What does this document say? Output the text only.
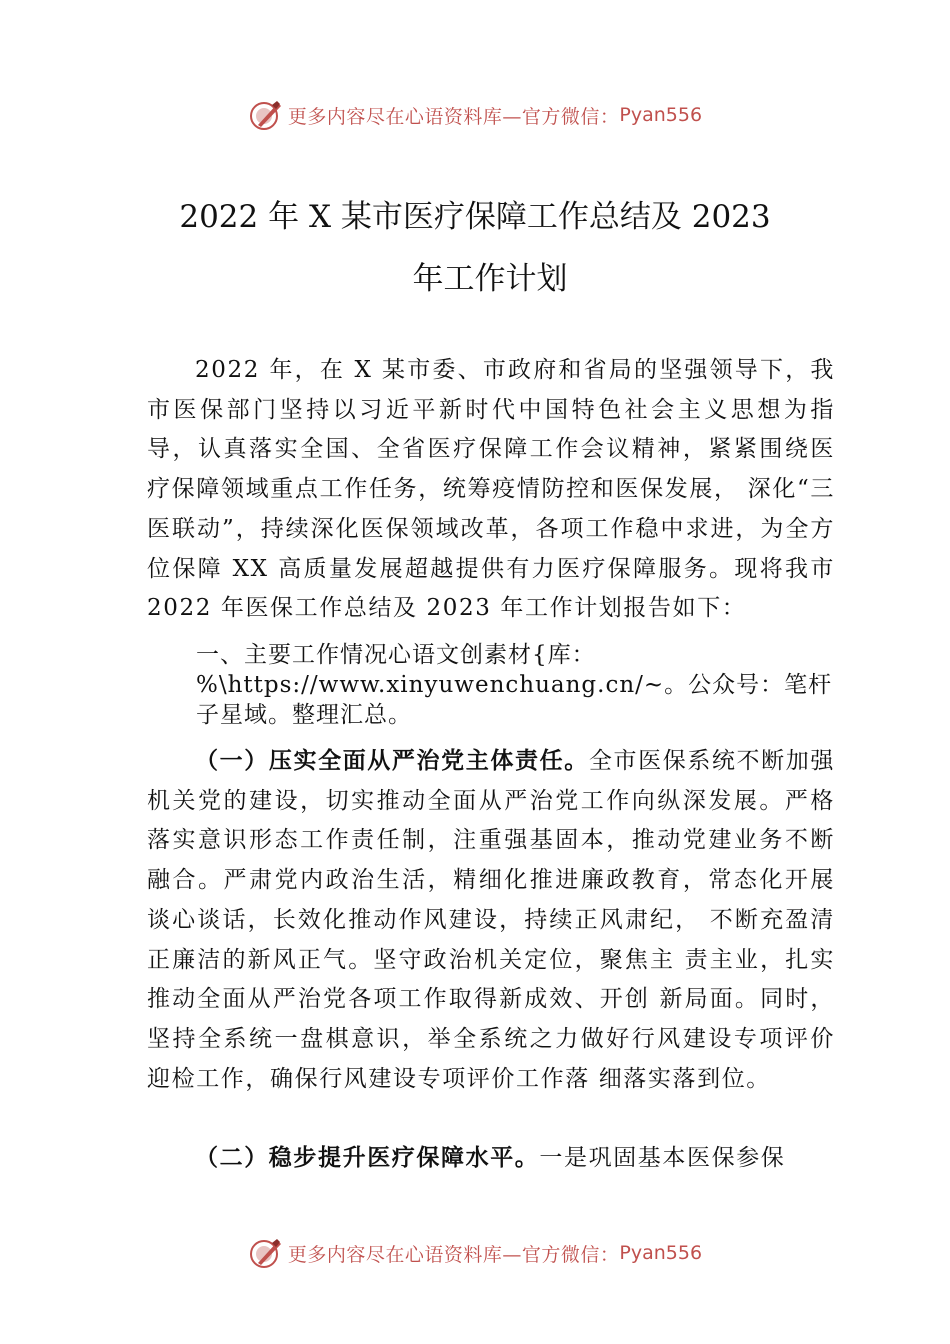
更多内容尽在心语资料库—官方微信： Pyan556
2022 年 X 某市医疗保障工作总结及 2023
年工作计划

2022 年，在 X 某市委、市政府和省局的坚强领导下，我市医保部门坚持以习近平新时代中国特色社会主义思想为指导，认真落实全国、全省医疗保障工作会议精神，紧紧围绕医疗保障领域重点工作任务，统筹疫情防控和医保发展， 深化“三医联动”，持续深化医保领域改革，各项工作稳中求进，为全方位保障 XX 高质量发展超越提供有力医疗保障服务。现将我市 2022 年医保工作总结及 2023 年工作计划报告如下：

一、主要工作情况心语文创素材{库：%\https://www.xinyuwenchuang.cn/~。公众号：笔杆子星域。整理汇总。

（一）压实全面从严治党主体责任。全市医保系统不断加强机关党的建设，切实推动全面从严治党工作向纵深发展。严格落实意识形态工作责任制，注重强基固本，推动党建业务不断融合。严肃党内政治生活，精细化推进廉政教育，常态化开展谈心谈话，长效化推动作风建设，持续正风肃纪， 不断充盈清正廉洁的新风正气。坚守政治机关定位，聚焦主 责主业，扎实推动全面从严治党各项工作取得新成效、开创 新局面。同时，坚持全系统一盘棋意识，举全系统之力做好行风建设专项评价迎检工作，确保行风建设专项评价工作落 细落实落到位。

（二）稳步提升医疗保障水平。一是巩固基本医保参保

更多内容尽在心语资料库—官方微信： Pyan556
